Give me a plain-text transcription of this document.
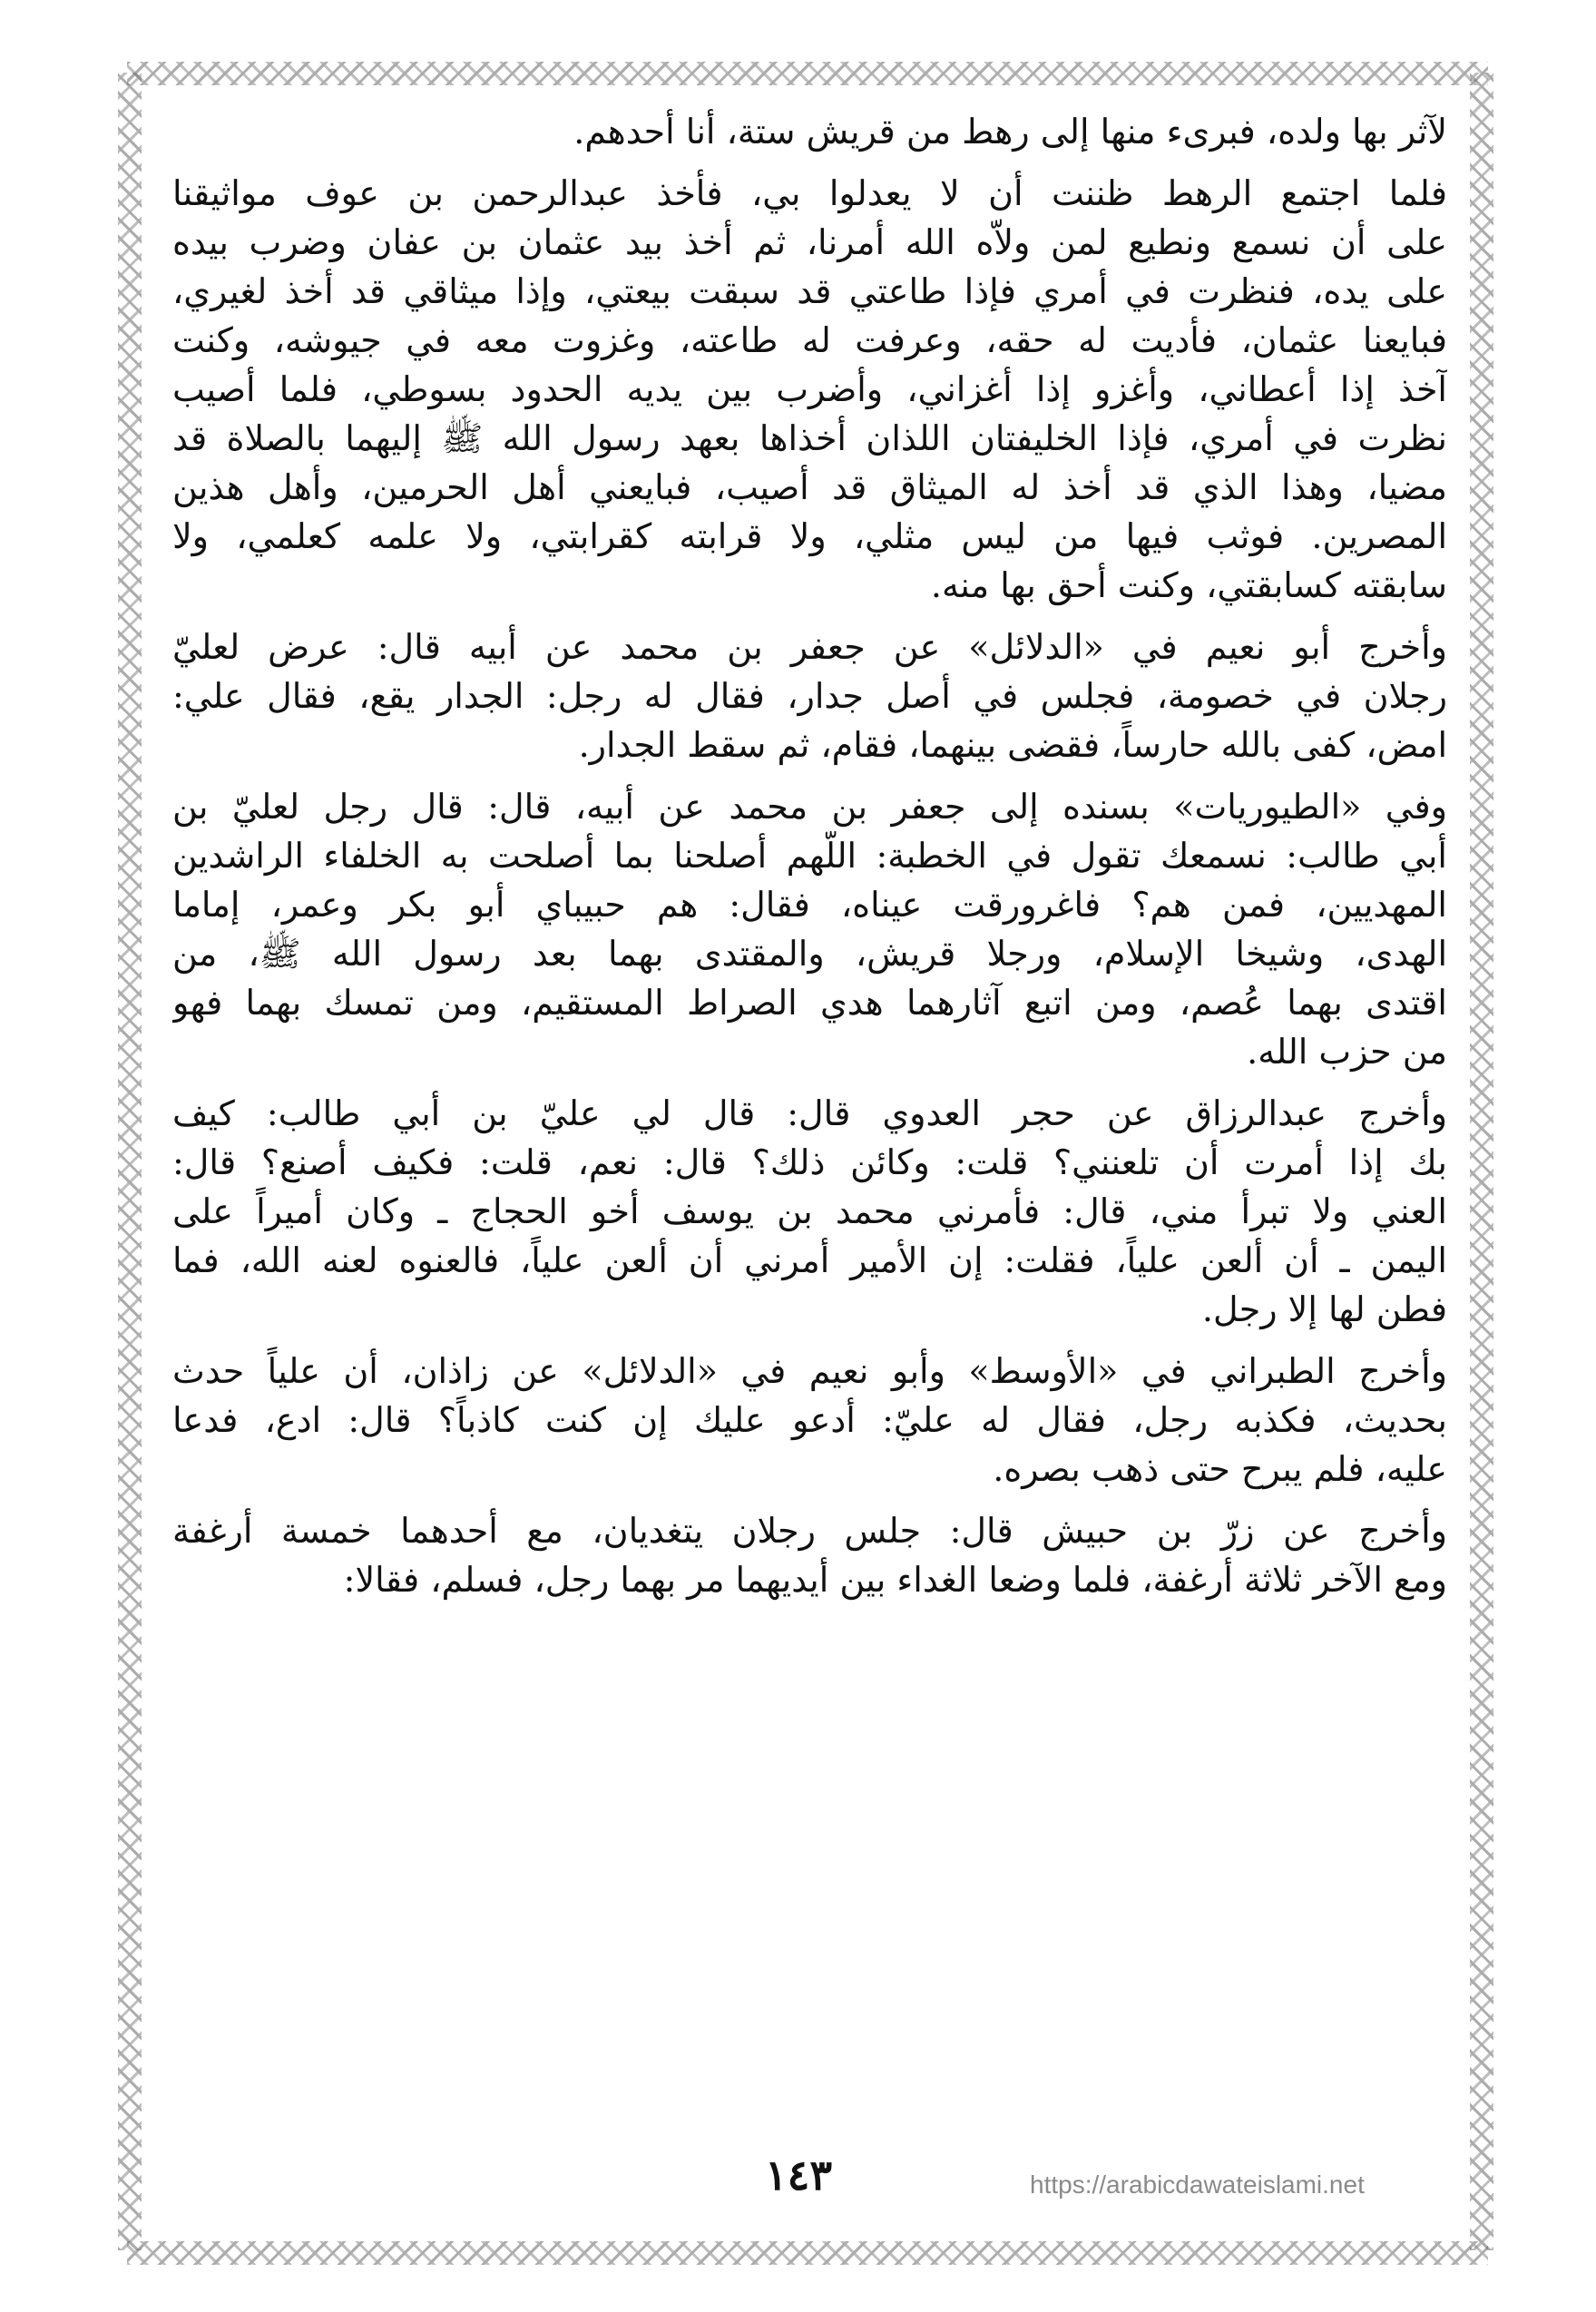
لآثر بها ولده، فبرىء منها إلى رهط من قريش ستة، أنا أحدهم.
فلما اجتمع الرهط ظننت أن لا يعدلوا بي، فأخذ عبدالرحمن بن عوف مواثيقنا
على أن نسمع ونطيع لمن ولاّه الله أمرنا، ثم أخذ بيد عثمان بن عفان وضرب بيده
على يده، فنظرت في أمري فإذا طاعتي قد سبقت بيعتي، وإذا ميثاقي قد أخذ لغيري،
فبايعنا عثمان، فأديت له حقه، وعرفت له طاعته، وغزوت معه في جيوشه، وكنت
آخذ إذا أعطاني، وأغزو إذا أغزاني، وأضرب بين يديه الحدود بسوطي، فلما أصيب
نظرت في أمري، فإذا الخليفتان اللذان أخذاها بعهد رسول الله ﷺ إليهما بالصلاة قد
مضيا، وهذا الذي قد أخذ له الميثاق قد أصيب، فبايعني أهل الحرمين، وأهل هذين
المصرين. فوثب فيها من ليس مثلي، ولا قرابته كقرابتي، ولا علمه كعلمي، ولا
سابقته كسابقتي، وكنت أحق بها منه.
وأخرج أبو نعيم في «الدلائل» عن جعفر بن محمد عن أبيه قال: عرض لعليّ
رجلان في خصومة، فجلس في أصل جدار، فقال له رجل: الجدار يقع، فقال علي:
امض، كفى بالله حارساً، فقضى بينهما، فقام، ثم سقط الجدار.
وفي «الطيوريات» بسنده إلى جعفر بن محمد عن أبيه، قال: قال رجل لعليّ بن
أبي طالب: نسمعك تقول في الخطبة: اللّهم أصلحنا بما أصلحت به الخلفاء الراشدين
المهديين، فمن هم؟ فاغرورقت عيناه، فقال: هم حبيباي أبو بكر وعمر، إماما
الهدى، وشيخا الإسلام، ورجلا قريش، والمقتدى بهما بعد رسول الله ﷺ، من
اقتدى بهما عُصم، ومن اتبع آثارهما هدي الصراط المستقيم، ومن تمسك بهما فهو
من حزب الله.
وأخرج عبدالرزاق عن حجر العدوي قال: قال لي عليّ بن أبي طالب: كيف
بك إذا أمرت أن تلعنني؟ قلت: وكائن ذلك؟ قال: نعم، قلت: فكيف أصنع؟ قال:
العني ولا تبرأ مني، قال: فأمرني محمد بن يوسف أخو الحجاج ـ وكان أميراً على
اليمن ـ أن ألعن علياً، فقلت: إن الأمير أمرني أن ألعن علياً، فالعنوه لعنه الله، فما
فطن لها إلا رجل.
وأخرج الطبراني في «الأوسط» وأبو نعيم في «الدلائل» عن زاذان، أن علياً حدث
بحديث، فكذبه رجل، فقال له عليّ: أدعو عليك إن كنت كاذباً؟ قال: ادع، فدعا
عليه، فلم يبرح حتى ذهب بصره.
وأخرج عن زرّ بن حبيش قال: جلس رجلان يتغديان، مع أحدهما خمسة أرغفة
ومع الآخر ثلاثة أرغفة، فلما وضعا الغداء بين أيديهما مر بهما رجل، فسلم، فقالا:
١٤٣	https://arabicdawateislami.net
